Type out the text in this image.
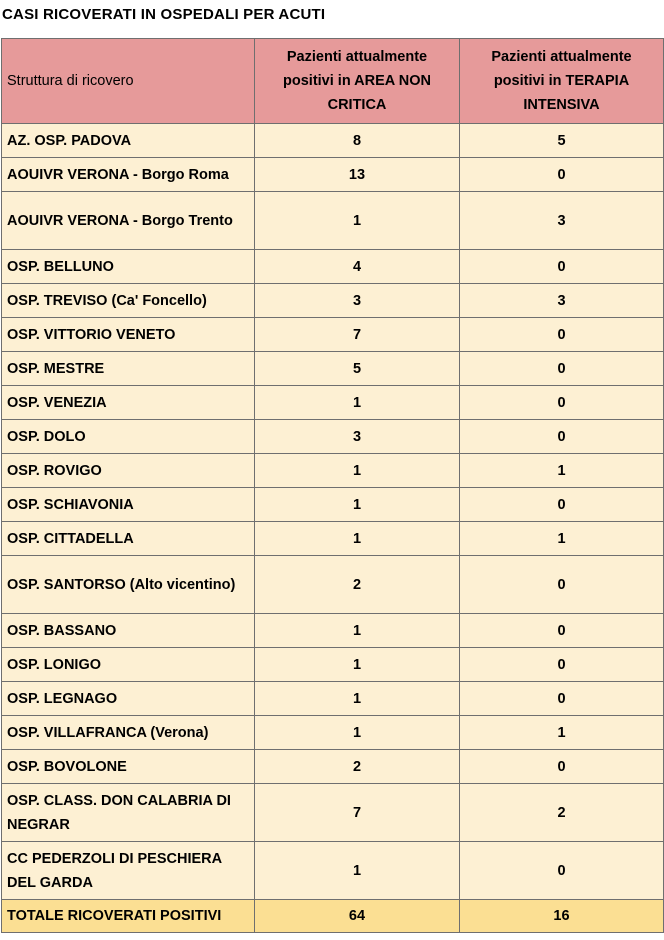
CASI RICOVERATI IN OSPEDALI PER ACUTI
Struttura di ricovero	Pazienti attualmente positivi in AREA NON CRITICA	Pazienti attualmente positivi in TERAPIA INTENSIVA
AZ. OSP. PADOVA	8	5
AOUIVR VERONA - Borgo Roma	13	0
AOUIVR VERONA - Borgo Trento	1	3
OSP. BELLUNO	4	0
OSP. TREVISO (Ca' Foncello)	3	3
OSP. VITTORIO VENETO	7	0
OSP. MESTRE	5	0
OSP. VENEZIA	1	0
OSP. DOLO	3	0
OSP. ROVIGO	1	1
OSP. SCHIAVONIA	1	0
OSP. CITTADELLA	1	1
OSP. SANTORSO (Alto vicentino)	2	0
OSP. BASSANO	1	0
OSP. LONIGO	1	0
OSP. LEGNAGO	1	0
OSP. VILLAFRANCA (Verona)	1	1
OSP. BOVOLONE	2	0
OSP. CLASS. DON CALABRIA DI NEGRAR	7	2
CC PEDERZOLI DI PESCHIERA DEL GARDA	1	0
TOTALE RICOVERATI POSITIVI	64	16
